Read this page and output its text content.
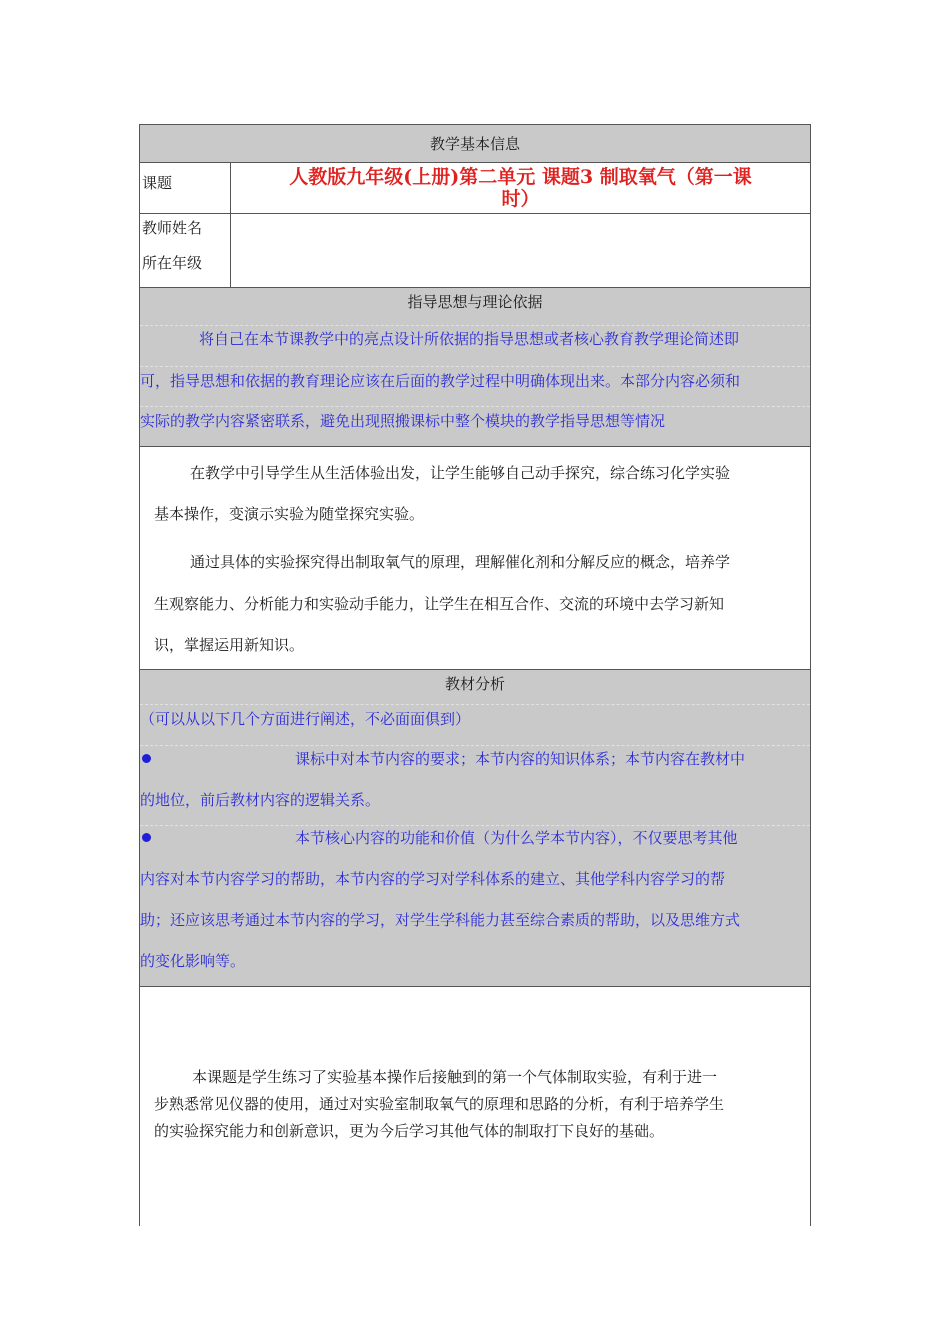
教学基本信息
课题	人教版九年级(上册)第二单元 课题3 制取氧气（第一课
时）
教师姓名
所在年级
指导思想与理论依据
将自己在本节课教学中的亮点设计所依据的指导思想或者核心教育教学理论简述即
可，指导思想和依据的教育理论应该在后面的教学过程中明确体现出来。本部分内容必须和
实际的教学内容紧密联系，避免出现照搬课标中整个模块的教学指导思想等情况
在教学中引导学生从生活体验出发，让学生能够自己动手探究，综合练习化学实验
基本操作，变演示实验为随堂探究实验。
通过具体的实验探究得出制取氧气的原理，理解催化剂和分解反应的概念，培养学
生观察能力、分析能力和实验动手能力，让学生在相互合作、交流的环境中去学习新知
识，掌握运用新知识。
教材分析
（可以从以下几个方面进行阐述，不必面面俱到）
课标中对本节内容的要求；本节内容的知识体系；本节内容在教材中
的地位，前后教材内容的逻辑关系。
本节核心内容的功能和价值（为什么学本节内容），不仅要思考其他
内容对本节内容学习的帮助，本节内容的学习对学科体系的建立、其他学科内容学习的帮
助；还应该思考通过本节内容的学习，对学生学科能力甚至综合素质的帮助，以及思维方式
的变化影响等。
本课题是学生练习了实验基本操作后接触到的第一个气体制取实验，有利于进一
步熟悉常见仪器的使用，通过对实验室制取氧气的原理和思路的分析，有利于培养学生
的实验探究能力和创新意识，更为今后学习其他气体的制取打下良好的基础。
